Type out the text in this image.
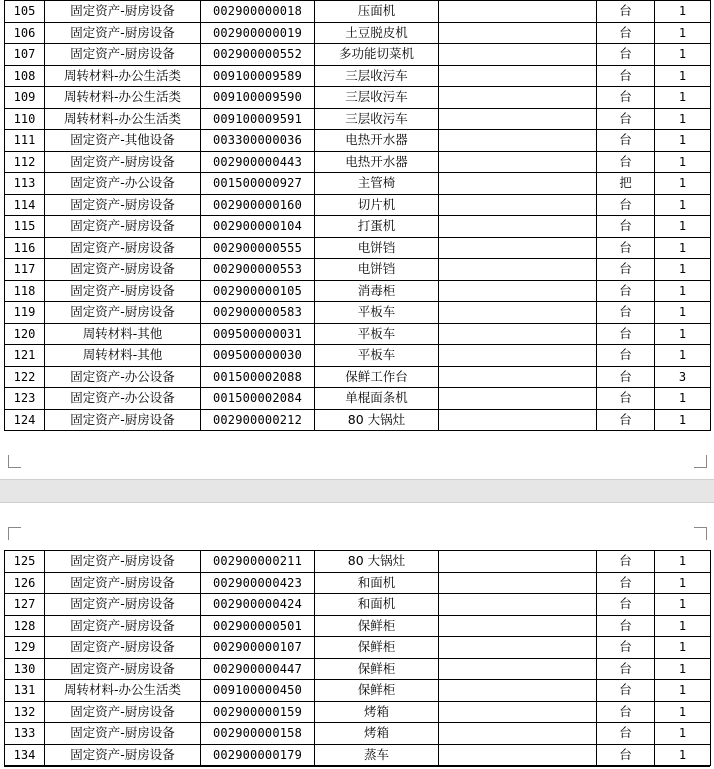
105	固定资产-厨房设备	002900000018	压面机		台	1
106	固定资产-厨房设备	002900000019	土豆脱皮机		台	1
107	固定资产-厨房设备	002900000552	多功能切菜机		台	1
108	周转材料-办公生活类	009100009589	三层收污车		台	1
109	周转材料-办公生活类	009100009590	三层收污车		台	1
110	周转材料-办公生活类	009100009591	三层收污车		台	1
111	固定资产-其他设备	003300000036	电热开水器		台	1
112	固定资产-厨房设备	002900000443	电热开水器		台	1
113	固定资产-办公设备	001500000927	主管椅		把	1
114	固定资产-厨房设备	002900000160	切片机		台	1
115	固定资产-厨房设备	002900000104	打蛋机		台	1
116	固定资产-厨房设备	002900000555	电饼铛		台	1
117	固定资产-厨房设备	002900000553	电饼铛		台	1
118	固定资产-厨房设备	002900000105	消毒柜		台	1
119	固定资产-厨房设备	002900000583	平板车		台	1
120	周转材料-其他	009500000031	平板车		台	1
121	周转材料-其他	009500000030	平板车		台	1
122	固定资产-办公设备	001500002088	保鲜工作台		台	3
123	固定资产-办公设备	001500002084	单棍面条机		台	1
124	固定资产-厨房设备	002900000212	80 大锅灶		台	1
125	固定资产-厨房设备	002900000211	80 大锅灶		台	1
126	固定资产-厨房设备	002900000423	和面机		台	1
127	固定资产-厨房设备	002900000424	和面机		台	1
128	固定资产-厨房设备	002900000501	保鲜柜		台	1
129	固定资产-厨房设备	002900000107	保鲜柜		台	1
130	固定资产-厨房设备	002900000447	保鲜柜		台	1
131	周转材料-办公生活类	009100000450	保鲜柜		台	1
132	固定资产-厨房设备	002900000159	烤箱		台	1
133	固定资产-厨房设备	002900000158	烤箱		台	1
134	固定资产-厨房设备	002900000179	蒸车		台	1
